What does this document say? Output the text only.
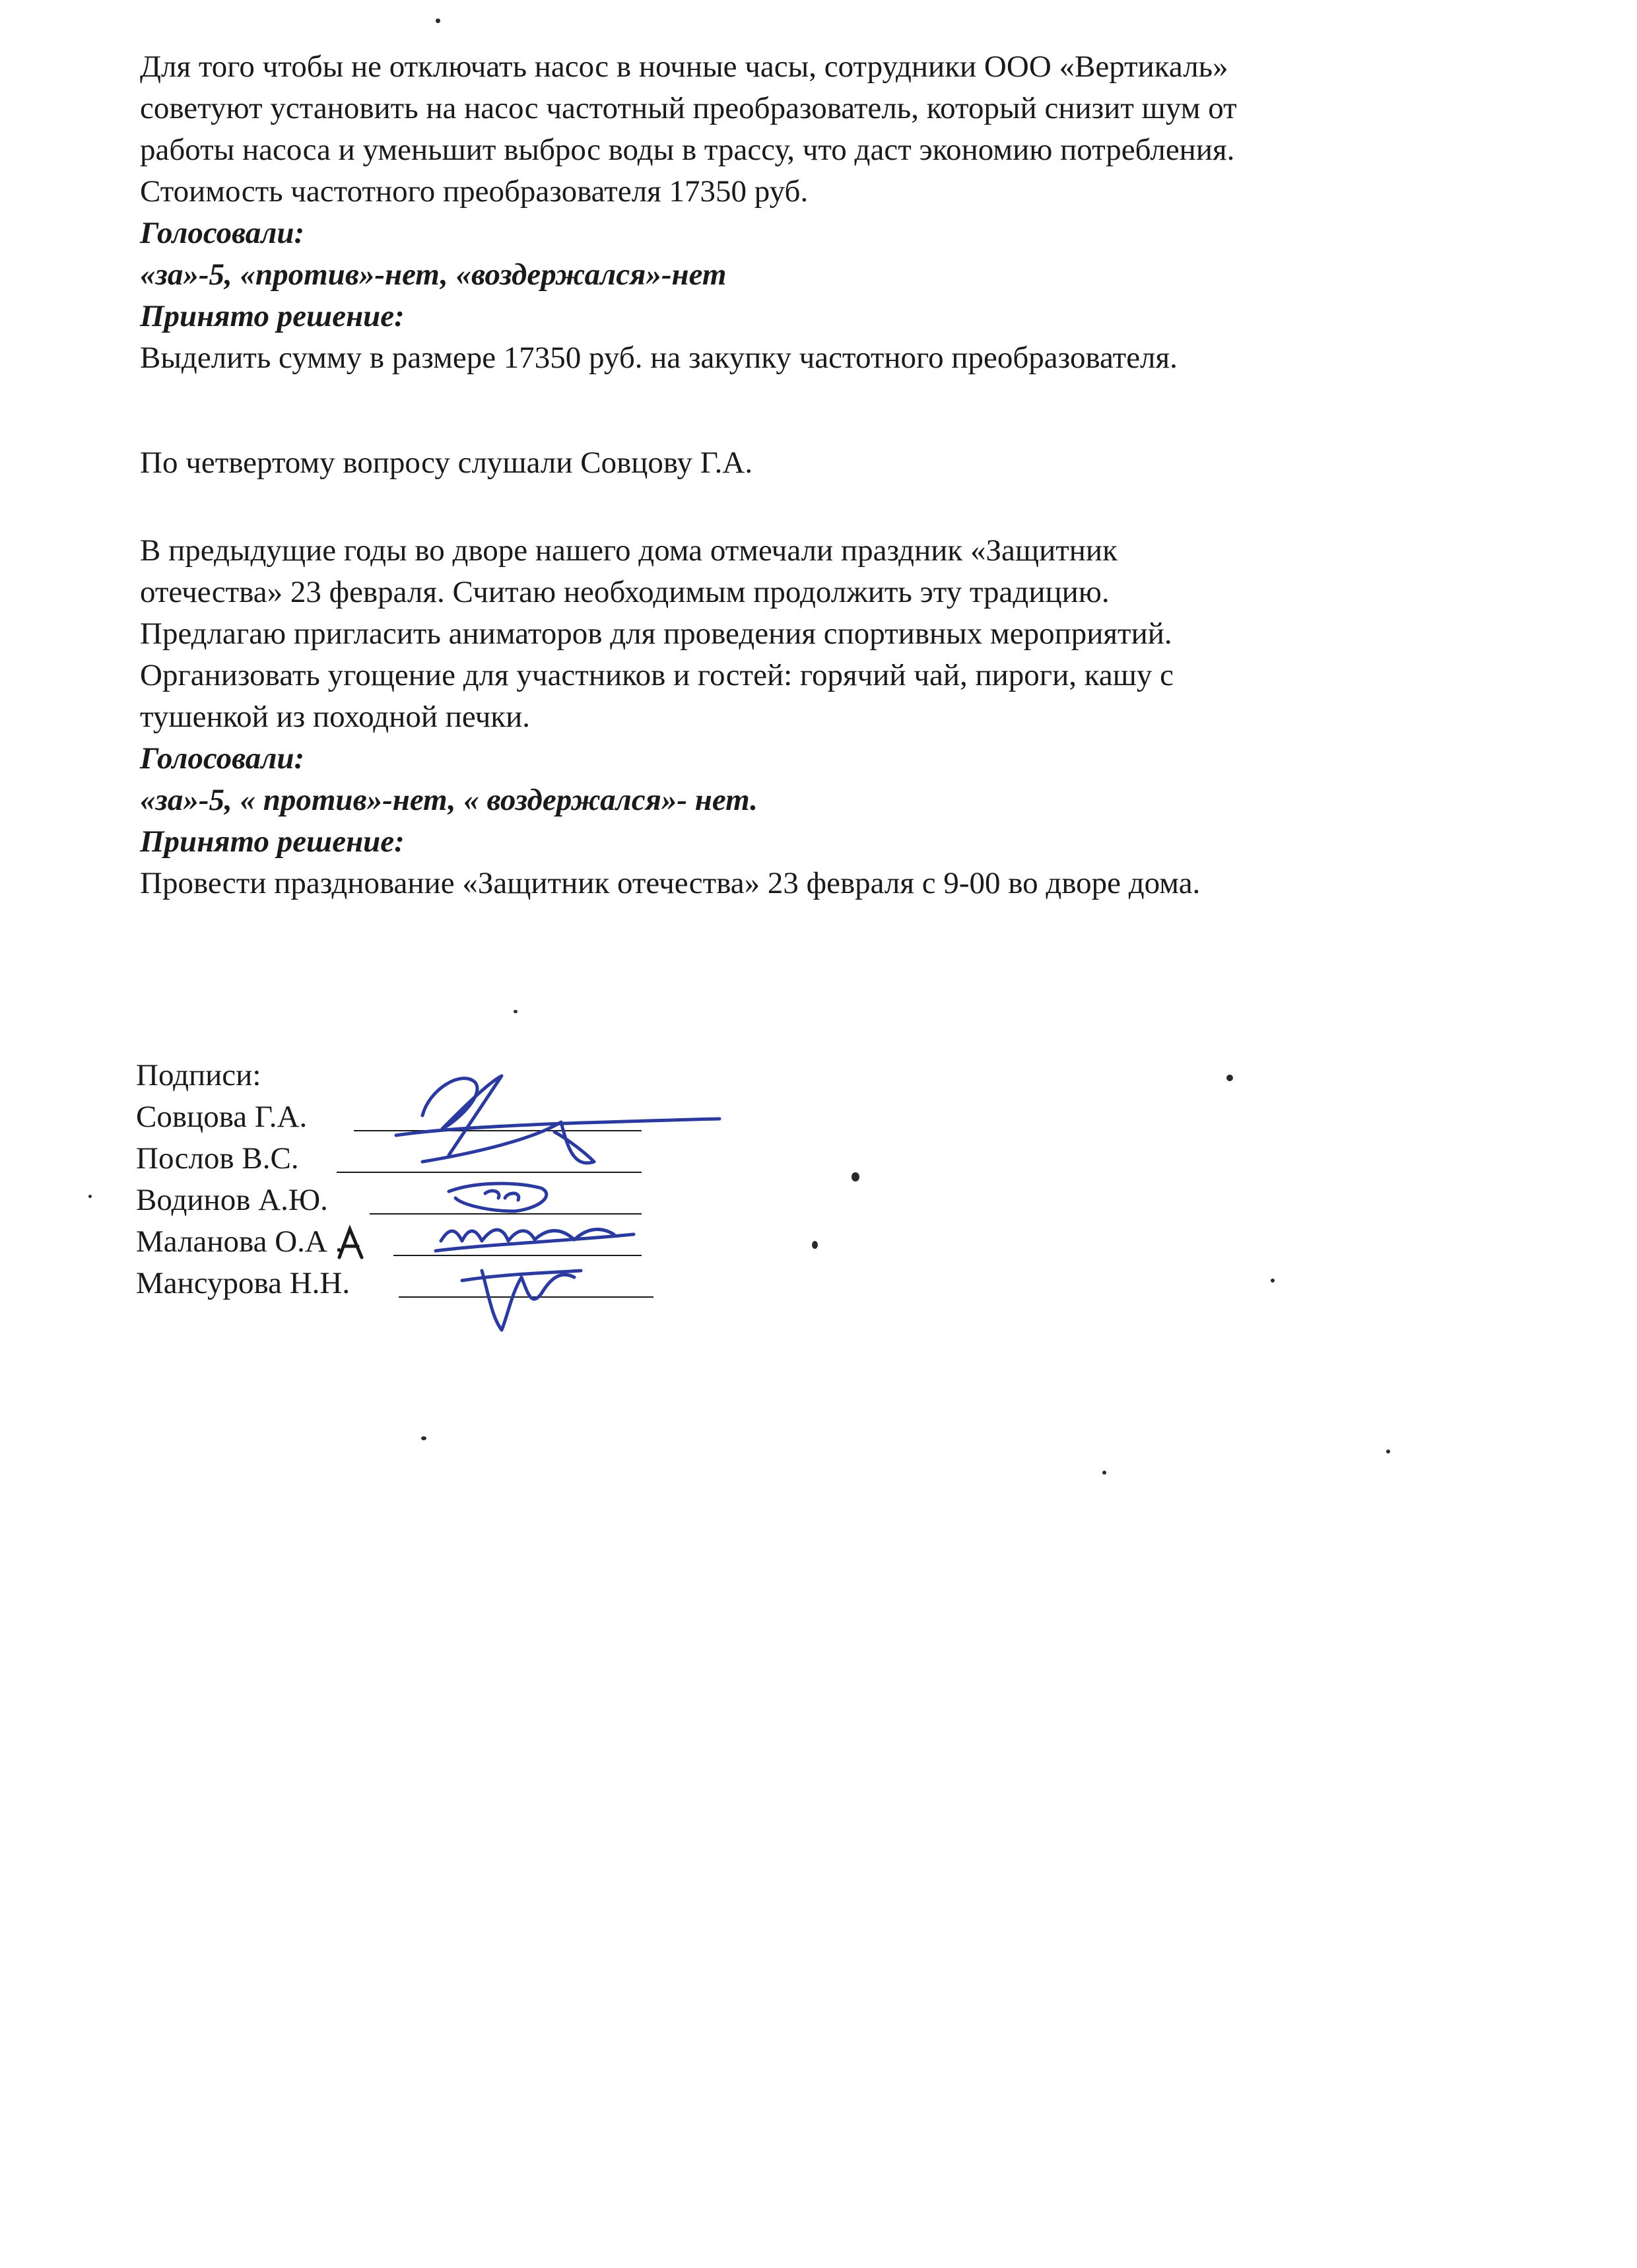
Для того чтобы не отключать насос в ночные часы, сотрудники ООО «Вертикаль»
советуют установить на насос частотный преобразователь, который снизит шум от
работы насоса и уменьшит выброс воды в трассу, что даст экономию потребления.
Стоимость частотного преобразователя 17350 руб.
Голосовали:
«за»-5, «против»-нет, «воздержался»-нет
Принято решение:
Выделить сумму в размере 17350 руб. на закупку частотного преобразователя.
По четвертому вопросу слушали Совцову Г.А.
В предыдущие годы во дворе нашего дома отмечали праздник «Защитник
отечества» 23 февраля. Считаю необходимым продолжить эту традицию.
Предлагаю пригласить аниматоров для проведения спортивных мероприятий.
Организовать угощение для участников и гостей: горячий чай, пироги, кашу с
тушенкой из походной печки.
Голосовали:
«за»-5, « против»-нет, « воздержался»- нет.
Принято решение:
Провести празднование «Защитник отечества» 23 февраля с 9-00 во дворе дома.
Подписи:
Совцова Г.А.
Послов В.С.
Водинов А.Ю.
Маланова О.А .
Мансурова Н.Н.
